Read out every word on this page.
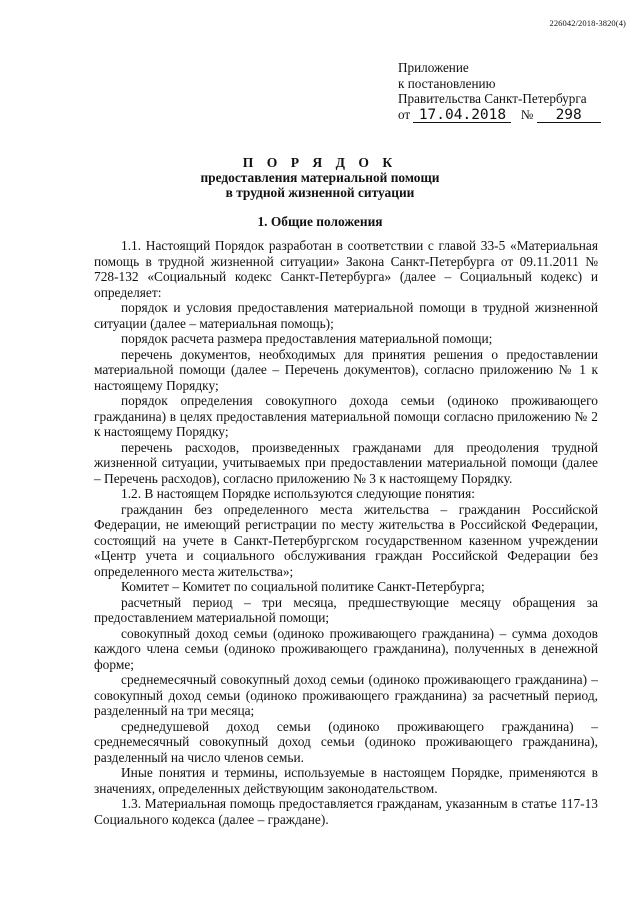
226042/2018-3820(4)
Приложение
к постановлению
Правительства Санкт-Петербурга
от 17.04.2018 № 298
П О Р Я Д О К
предоставления материальной помощи
в трудной жизненной ситуации
1. Общие положения

1.1. Настоящий Порядок разработан в соответствии с главой 33-5 «Материальная помощь в трудной жизненной ситуации» Закона Санкт-Петербурга от 09.11.2011 № 728-132 «Социальный кодекс Санкт-Петербурга» (далее – Социальный кодекс) и определяет:

порядок и условия предоставления материальной помощи в трудной жизненной ситуации (далее – материальная помощь);

порядок расчета размера предоставления материальной помощи;

перечень документов, необходимых для принятия решения о предоставлении материальной помощи (далее – Перечень документов), согласно приложению № 1 к настоящему Порядку;

порядок определения совокупного дохода семьи (одиноко проживающего гражданина) в целях предоставления материальной помощи согласно приложению № 2 к настоящему Порядку;

перечень расходов, произведенных гражданами для преодоления трудной жизненной ситуации, учитываемых при предоставлении материальной помощи (далее – Перечень расходов), согласно приложению № 3 к настоящему Порядку.

1.2. В настоящем Порядке используются следующие понятия:

гражданин без определенного места жительства – гражданин Российской Федерации, не имеющий регистрации по месту жительства в Российской Федерации, состоящий на учете в Санкт-Петербургском государственном казенном учреждении «Центр учета и социального обслуживания граждан Российской Федерации без определенного места жительства»;

Комитет – Комитет по социальной политике Санкт-Петербурга;

расчетный период – три месяца, предшествующие месяцу обращения за предоставлением материальной помощи;

совокупный доход семьи (одиноко проживающего гражданина) – сумма доходов каждого члена семьи (одиноко проживающего гражданина), полученных в денежной форме;

среднемесячный совокупный доход семьи (одиноко проживающего гражданина) – совокупный доход семьи (одиноко проживающего гражданина) за расчетный период, разделенный на три месяца;

среднедушевой доход семьи (одиноко проживающего гражданина) – среднемесячный совокупный доход семьи (одиноко проживающего гражданина), разделенный на число членов семьи.

Иные понятия и термины, используемые в настоящем Порядке, применяются в значениях, определенных действующим законодательством.

1.3. Материальная помощь предоставляется гражданам, указанным в статье 117-13 Социального кодекса (далее – граждане).
